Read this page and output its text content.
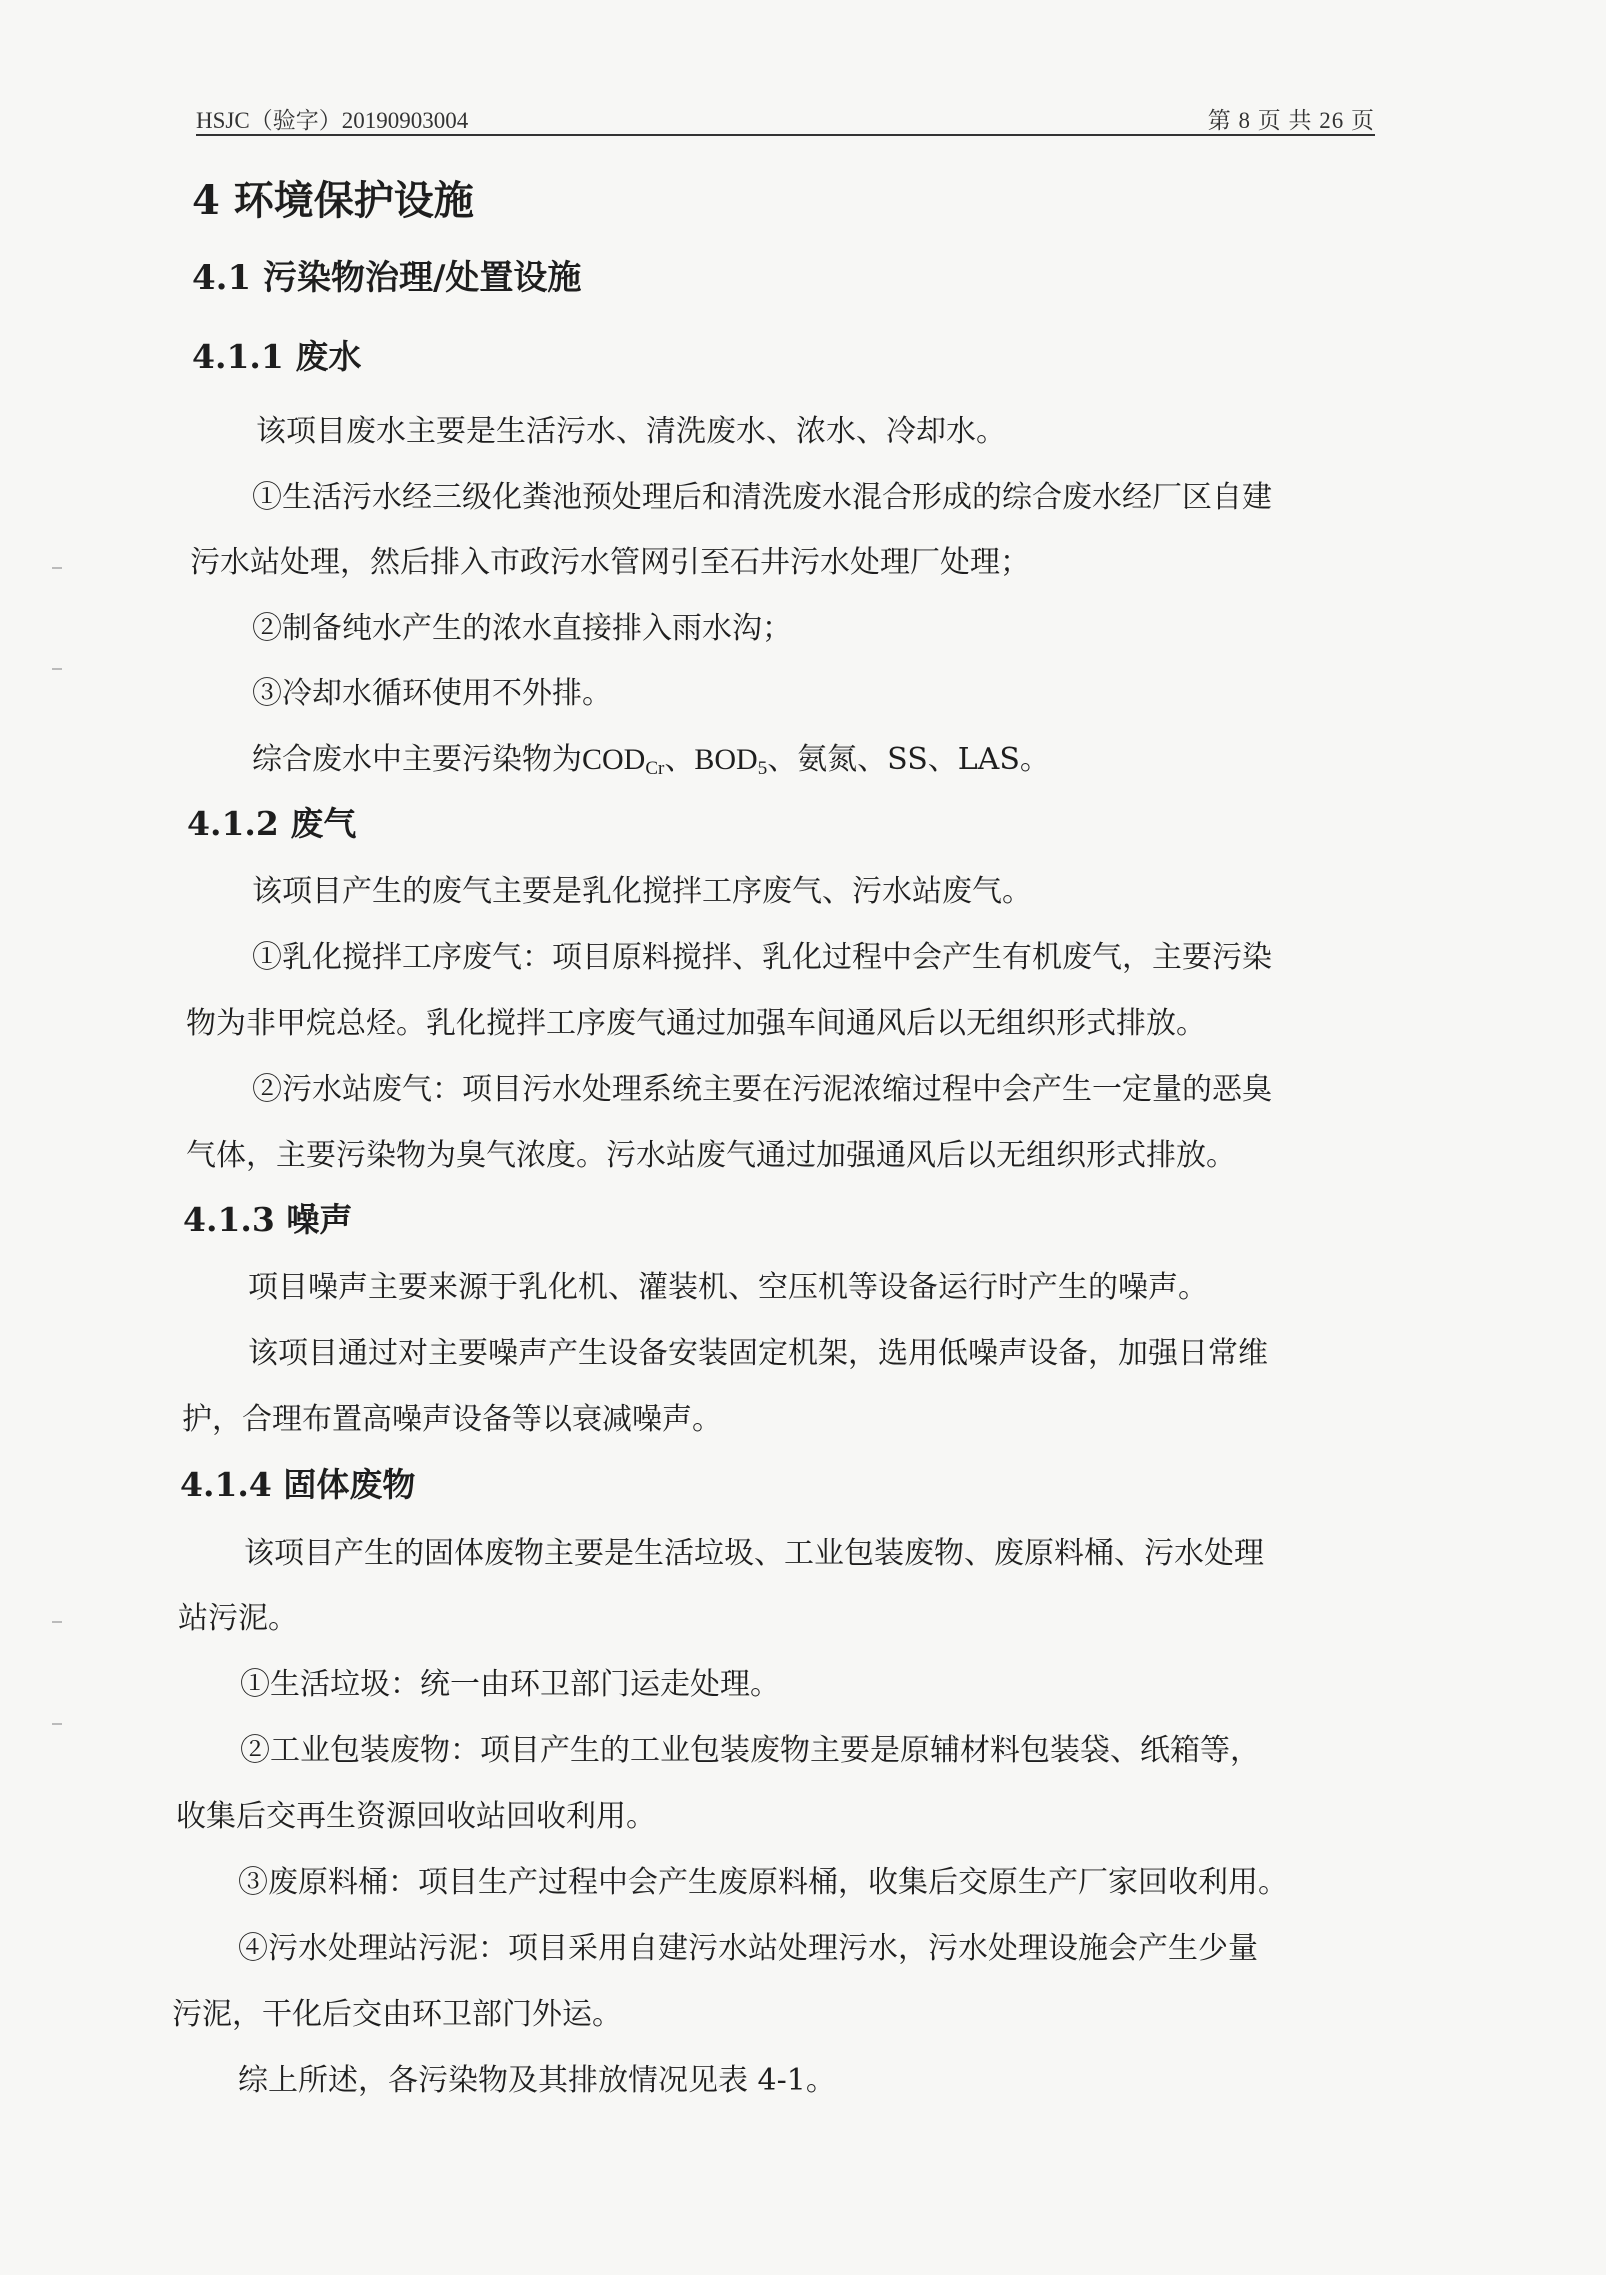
HSJC（验字）20190903004	第 8 页 共 26 页
4 环境保护设施
4.1 污染物治理/处置设施
4.1.1 废水
该项目废水主要是生活污水、清洗废水、浓水、冷却水。
①生活污水经三级化粪池预处理后和清洗废水混合形成的综合废水经厂区自建
污水站处理，然后排入市政污水管网引至石井污水处理厂处理；
②制备纯水产生的浓水直接排入雨水沟；
③冷却水循环使用不外排。
综合废水中主要污染物为$COD_{Cr}$、$BOD_5$、氨氮、SS、LAS。
4.1.2 废气
该项目产生的废气主要是乳化搅拌工序废气、污水站废气。
①乳化搅拌工序废气：项目原料搅拌、乳化过程中会产生有机废气，主要污染
物为非甲烷总烃。乳化搅拌工序废气通过加强车间通风后以无组织形式排放。
②污水站废气：项目污水处理系统主要在污泥浓缩过程中会产生一定量的恶臭
气体，主要污染物为臭气浓度。污水站废气通过加强通风后以无组织形式排放。
4.1.3 噪声
项目噪声主要来源于乳化机、灌装机、空压机等设备运行时产生的噪声。
该项目通过对主要噪声产生设备安装固定机架，选用低噪声设备，加强日常维
护，合理布置高噪声设备等以衰减噪声。
4.1.4 固体废物
该项目产生的固体废物主要是生活垃圾、工业包装废物、废原料桶、污水处理
站污泥。
①生活垃圾：统一由环卫部门运走处理。
②工业包装废物：项目产生的工业包装废物主要是原辅材料包装袋、纸箱等，
收集后交再生资源回收站回收利用。
③废原料桶：项目生产过程中会产生废原料桶，收集后交原生产厂家回收利用。
④污水处理站污泥：项目采用自建污水站处理污水，污水处理设施会产生少量
污泥，干化后交由环卫部门外运。
综上所述，各污染物及其排放情况见表 4-1。
